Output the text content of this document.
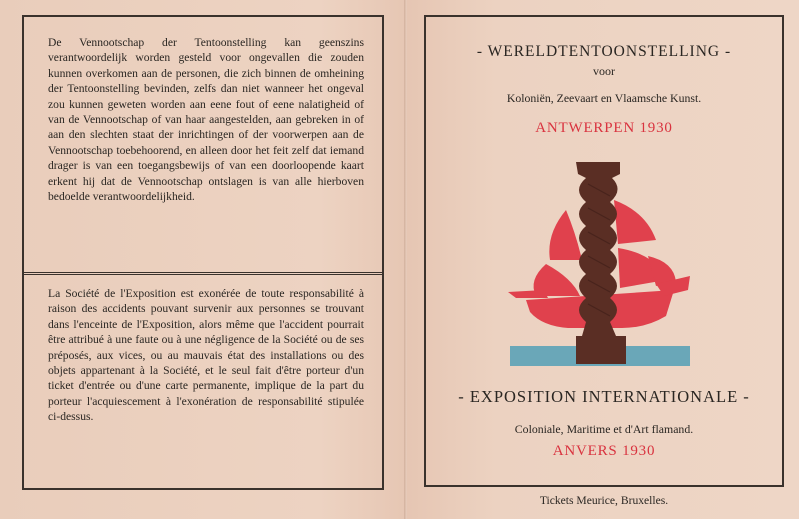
De Vennootschap der Tentoonstelling kan geenszins verantwoordelijk worden gesteld voor ongevallen die zouden kunnen overkomen aan de personen, die zich binnen de omheining der Tentoonstelling bevinden, zelfs dan niet wanneer het ongeval zou kunnen geweten worden aan eene fout of eene nalatigheid of van de Vennootschap of van haar aangestelden, aan gebreken in of aan den slechten staat der inrichtingen of der voorwerpen aan de Vennootschap toebehoorend, en alleen door het feit zelf dat iemand drager is van een toegangsbewijs of van een doorloopende kaart erkent hij dat de Vennootschap ontslagen is van alle hierboven bedoelde verantwoordelijkheid.
La Société de l'Exposition est exonérée de toute responsabilité à raison des accidents pouvant survenir aux personnes se trouvant dans l'enceinte de l'Exposition, alors même que l'accident pourrait être attribué à une faute ou à une négligence de la Société ou de ses préposés, aux vices, ou au mauvais état des installations ou des objets appartenant à la Société, et le seul fait d'être porteur d'un ticket d'entrée ou d'une carte permanente, implique de la part du porteur l'acquiescement à l'exonération de responsabilité stipulée ci-dessus.
- WERELDTENTOONSTELLING -
voor
Koloniën, Zeevaart en Vlaamsche Kunst.
ANTWERPEN 1930
- EXPOSITION INTERNATIONALE -
Coloniale, Maritime et d'Art flamand.
ANVERS 1930
Tickets Meurice, Bruxelles.
